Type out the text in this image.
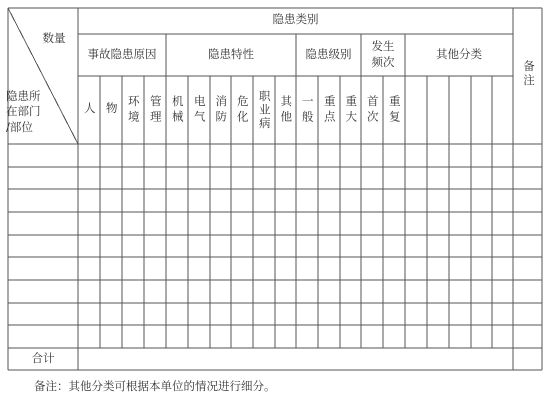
数量
隐患所
在部门
/部位
隐患类别
备注
事故隐患原因	隐患特性	隐患级别
发生频次
其他分类
人 物 环境 管理 机械 电气 消防 危化 职业病 其他 一般 重点 重大 首次 重复
合计
备注：其他分类可根据本单位的情况进行细分。
